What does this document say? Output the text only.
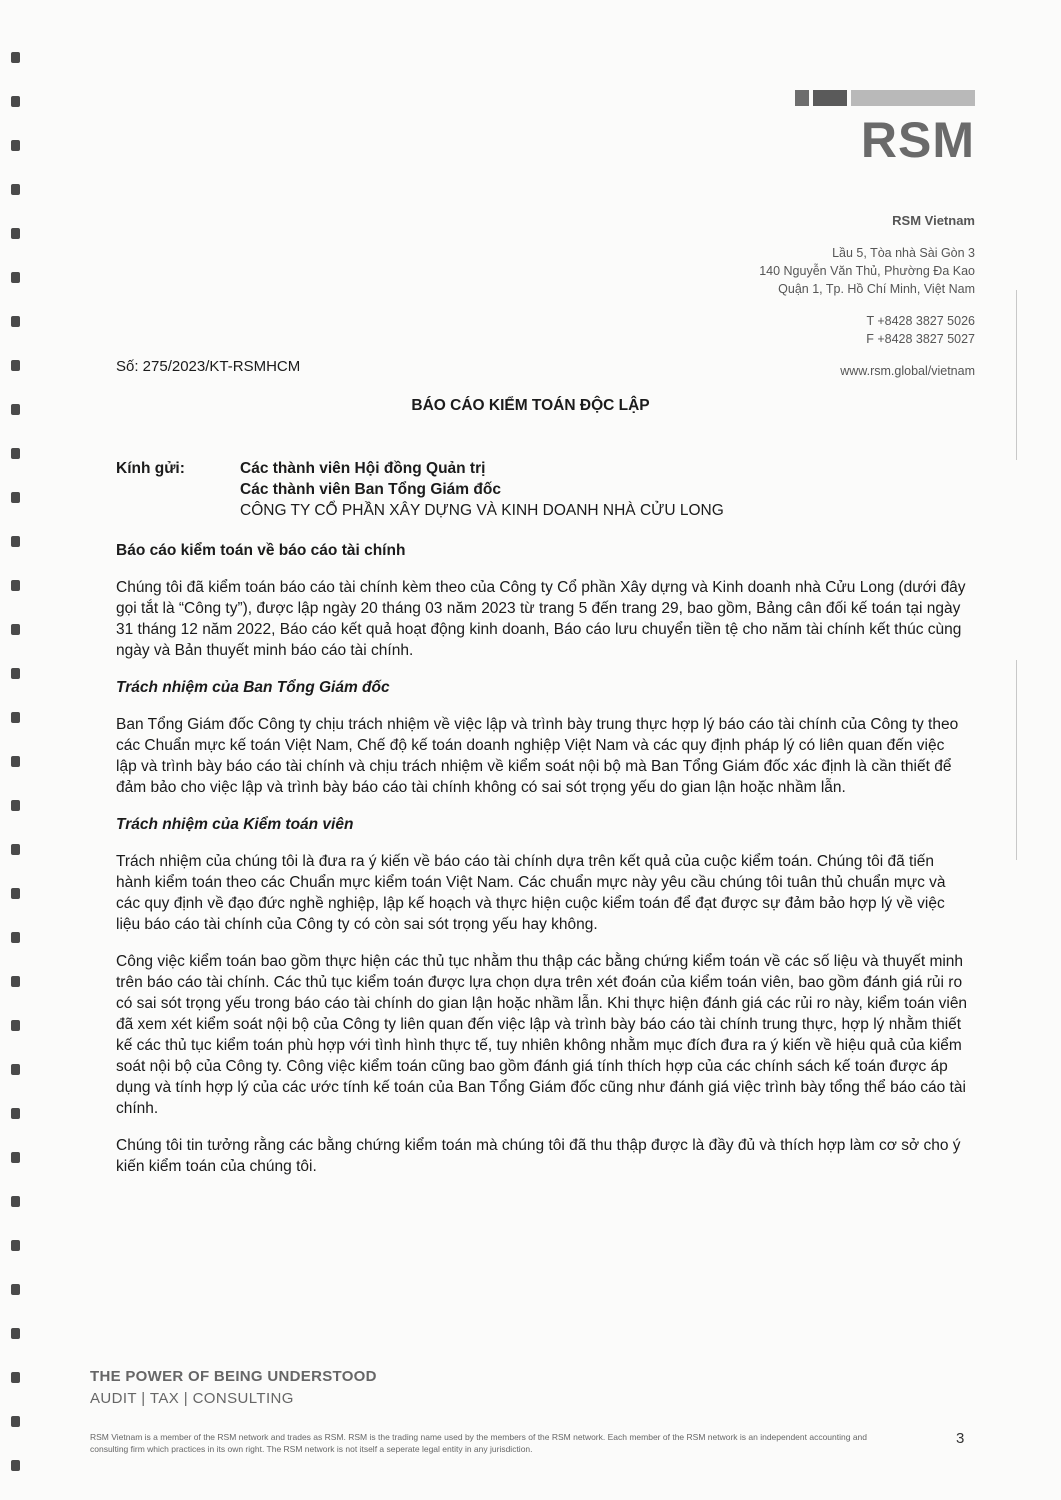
RSM
RSM Vietnam
Lầu 5, Tòa nhà Sài Gòn 3
140 Nguyễn Văn Thủ, Phường Đa Kao
Quận 1, Tp. Hồ Chí Minh, Việt Nam
T +8428 3827 5026
F +8428 3827 5027
www.rsm.global/vietnam
Số: 275/2023/KT-RSMHCM
BÁO CÁO KIỂM TOÁN ĐỘC LẬP
Kính gửi:	Các thành viên Hội đồng Quản trị
Các thành viên Ban Tổng Giám đốc
CÔNG TY CỔ PHẦN XÂY DỰNG VÀ KINH DOANH NHÀ CỬU LONG
Báo cáo kiểm toán về báo cáo tài chính

Chúng tôi đã kiểm toán báo cáo tài chính kèm theo của Công ty Cổ phần Xây dựng và Kinh doanh nhà Cửu Long (dưới đây gọi tắt là “Công ty”), được lập ngày 20 tháng 03 năm 2023 từ trang 5 đến trang 29, bao gồm, Bảng cân đối kế toán tại ngày 31 tháng 12 năm 2022, Báo cáo kết quả hoạt động kinh doanh, Báo cáo lưu chuyển tiền tệ cho năm tài chính kết thúc cùng ngày và Bản thuyết minh báo cáo tài chính.

Trách nhiệm của Ban Tổng Giám đốc

Ban Tổng Giám đốc Công ty chịu trách nhiệm về việc lập và trình bày trung thực hợp lý báo cáo tài chính của Công ty theo các Chuẩn mực kế toán Việt Nam, Chế độ kế toán doanh nghiệp Việt Nam và các quy định pháp lý có liên quan đến việc lập và trình bày báo cáo tài chính và chịu trách nhiệm về kiểm soát nội bộ mà Ban Tổng Giám đốc xác định là cần thiết để đảm bảo cho việc lập và trình bày báo cáo tài chính không có sai sót trọng yếu do gian lận hoặc nhầm lẫn.

Trách nhiệm của Kiểm toán viên

Trách nhiệm của chúng tôi là đưa ra ý kiến về báo cáo tài chính dựa trên kết quả của cuộc kiểm toán. Chúng tôi đã tiến hành kiểm toán theo các Chuẩn mực kiểm toán Việt Nam. Các chuẩn mực này yêu cầu chúng tôi tuân thủ chuẩn mực và các quy định về đạo đức nghề nghiệp, lập kế hoạch và thực hiện cuộc kiểm toán để đạt được sự đảm bảo hợp lý về việc liệu báo cáo tài chính của Công ty có còn sai sót trọng yếu hay không.

Công việc kiểm toán bao gồm thực hiện các thủ tục nhằm thu thập các bằng chứng kiểm toán về các số liệu và thuyết minh trên báo cáo tài chính. Các thủ tục kiểm toán được lựa chọn dựa trên xét đoán của kiểm toán viên, bao gồm đánh giá rủi ro có sai sót trọng yếu trong báo cáo tài chính do gian lận hoặc nhầm lẫn. Khi thực hiện đánh giá các rủi ro này, kiểm toán viên đã xem xét kiểm soát nội bộ của Công ty liên quan đến việc lập và trình bày báo cáo tài chính trung thực, hợp lý nhằm thiết kế các thủ tục kiểm toán phù hợp với tình hình thực tế, tuy nhiên không nhằm mục đích đưa ra ý kiến về hiệu quả của kiểm soát nội bộ của Công ty. Công việc kiểm toán cũng bao gồm đánh giá tính thích hợp của các chính sách kế toán được áp dụng và tính hợp lý của các ước tính kế toán của Ban Tổng Giám đốc cũng như đánh giá việc trình bày tổng thể báo cáo tài chính.

Chúng tôi tin tưởng rằng các bằng chứng kiểm toán mà chúng tôi đã thu thập được là đầy đủ và thích hợp làm cơ sở cho ý kiến kiểm toán của chúng tôi.

THE POWER OF BEING UNDERSTOOD
AUDIT | TAX | CONSULTING
RSM Vietnam is a member of the RSM network and trades as RSM. RSM is the trading name used by the members of the RSM network. Each member of the RSM network is an independent accounting and consulting firm which practices in its own right. The RSM network is not itself a seperate legal entity in any jurisdiction.
3
